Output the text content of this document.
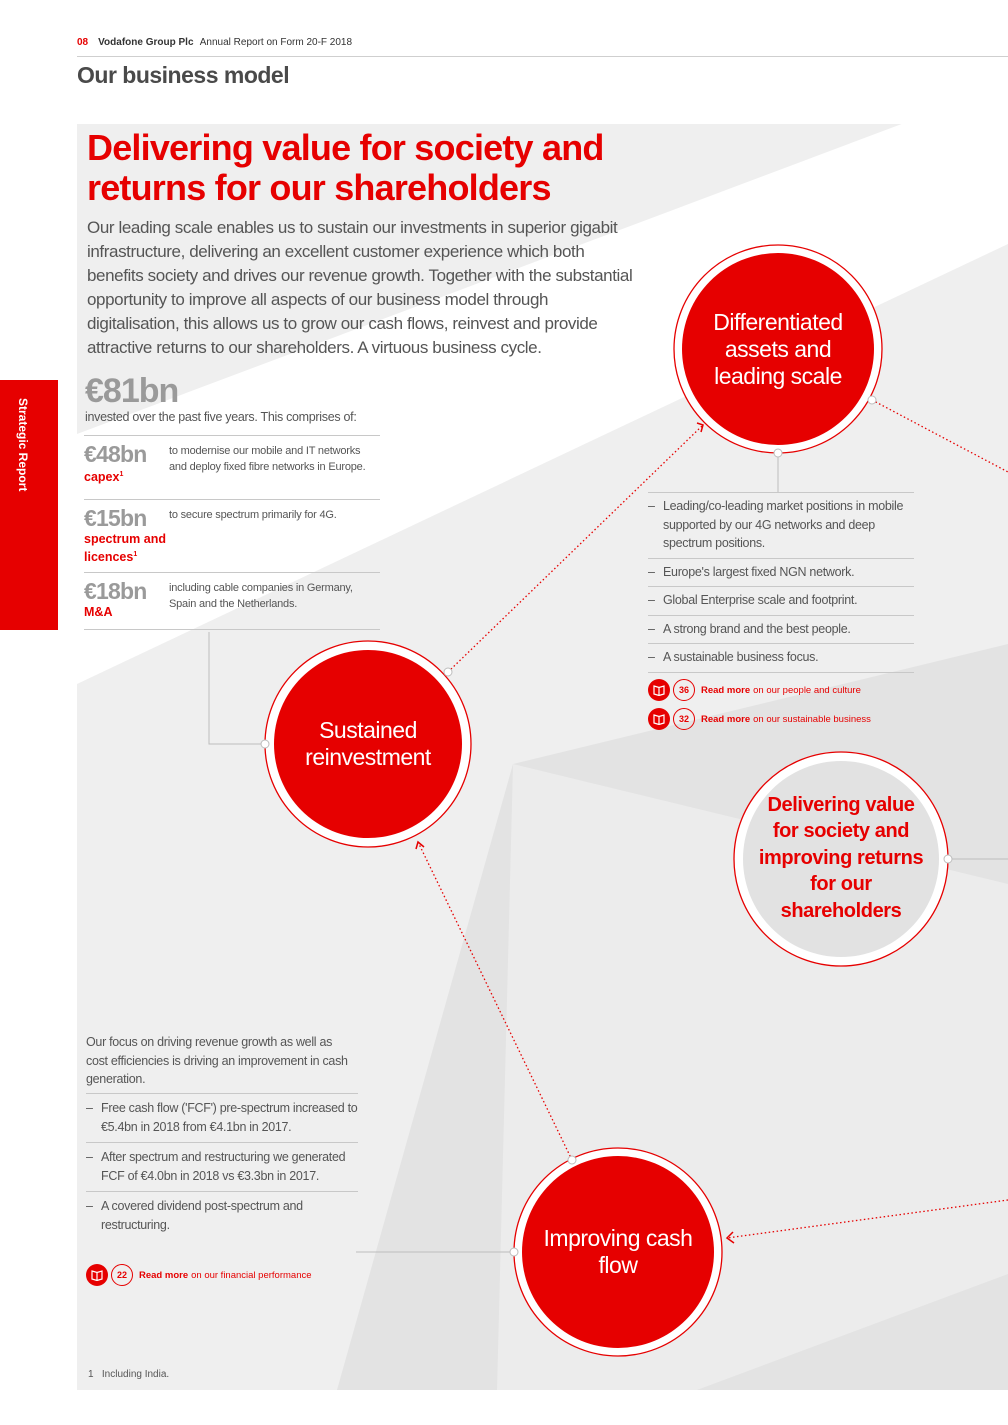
08 Vodafone Group Plc Annual Report on Form 20-F 2018
Our business model
Strategic Report
Delivering value for society and returns for our shareholders
Our leading scale enables us to sustain our investments in superior gigabit infrastructure, delivering an excellent customer experience which both benefits society and drives our revenue growth. Together with the substantial opportunity to improve all aspects of our business model through digitalisation, this allows us to grow our cash flows, reinvest and provide attractive returns to our shareholders. A virtuous business cycle.
€81bn
invested over the past five years. This comprises of:
€48bn
capex$^1$
to modernise our mobile and IT networks and deploy fixed fibre networks in Europe.
€15bn
spectrum and licences$^1$
to secure spectrum primarily for 4G.
€18bn
M&A
including cable companies in Germany, Spain and the Netherlands.
Differentiated assets and leading scale
Sustained reinvestment
Improving cash flow
Delivering value for society and improving returns for our shareholders
– Leading/co-leading market positions in mobile supported by our 4G networks and deep spectrum positions.
– Europe's largest fixed NGN network.
– Global Enterprise scale and footprint.
– A strong brand and the best people.
– A sustainable business focus.
36	Read more on our people and culture
32	Read more on our sustainable business
Our focus on driving revenue growth as well as cost efficiencies is driving an improvement in cash generation.
– Free cash flow ('FCF') pre-spectrum increased to €5.4bn in 2018 from €4.1bn in 2017.
– After spectrum and restructuring we generated FCF of €4.0bn in 2018 vs €3.3bn in 2017.
– A covered dividend post-spectrum and restructuring.
22	Read more on our financial performance
1 Including India.
